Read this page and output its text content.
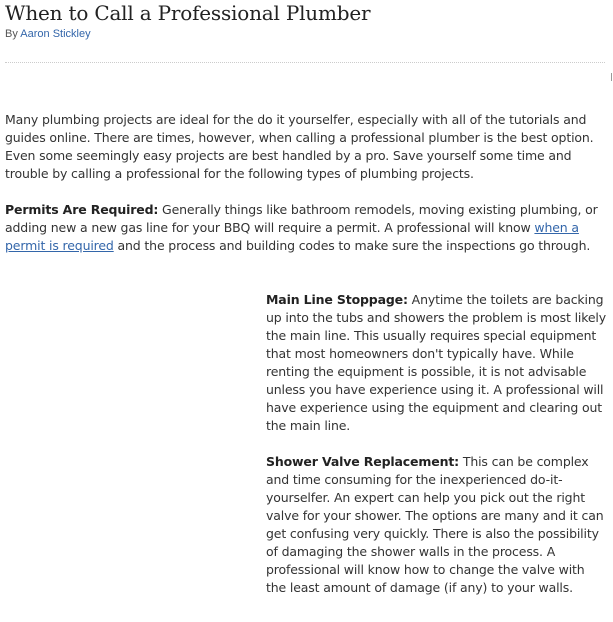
When to Call a Professional Plumber
By Aaron Stickley

Many plumbing projects are ideal for the do it yourselfer, especially with all of the tutorials and guides online. There are times, however, when calling a professional plumber is the best option. Even some seemingly easy projects are best handled by a pro. Save yourself some time and trouble by calling a professional for the following types of plumbing projects.

Permits Are Required: Generally things like bathroom remodels, moving existing plumbing, or adding new a new gas line for your BBQ will require a permit. A professional will know when a permit is required and the process and building codes to make sure the inspections go through.

Main Line Stoppage: Anytime the toilets are backing up into the tubs and showers the problem is most likely the main line. This usually requires special equipment that most homeowners don't typically have. While renting the equipment is possible, it is not advisable unless you have experience using it. A professional will have experience using the equipment and clearing out the main line.

Shower Valve Replacement: This can be complex and time consuming for the inexperienced do-it-yourselfer. An expert can help you pick out the right valve for your shower. The options are many and it can get confusing very quickly. There is also the possibility of damaging the shower walls in the process. A professional will know how to change the valve with the least amount of damage (if any) to your walls.
